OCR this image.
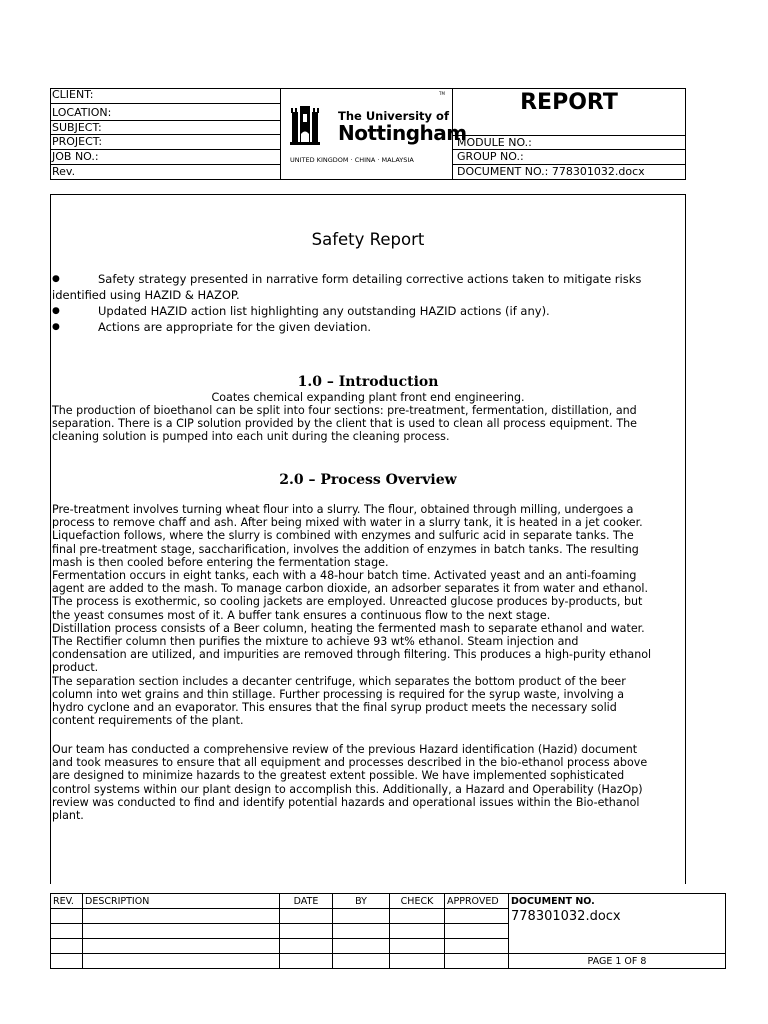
CLIENT:
LOCATION:
SUBJECT:
PROJECT:
JOB NO.:
Rev.
REPORT
MODULE NO.:
GROUP NO.:
DOCUMENT NO.: 778301032.docx
The University of
Nottingham
TM
UNITED KINGDOM · CHINA · MALAYSIA
Safety Report
●	Safety strategy presented in narrative form detailing corrective actions taken to mitigate risks identified using HAZID & HAZOP.
●	Updated HAZID action list highlighting any outstanding HAZID actions (if any).
●	Actions are appropriate for the given deviation.
1.0 – Introduction
Coates chemical expanding plant front end engineering.
The production of bioethanol can be split into four sections: pre-treatment, fermentation, distillation, and
separation. There is a CIP solution provided by the client that is used to clean all process equipment. The
cleaning solution is pumped into each unit during the cleaning process.
2.0 – Process Overview
Pre-treatment involves turning wheat flour into a slurry. The flour, obtained through milling, undergoes a
process to remove chaff and ash. After being mixed with water in a slurry tank, it is heated in a jet cooker.
Liquefaction follows, where the slurry is combined with enzymes and sulfuric acid in separate tanks. The
final pre-treatment stage, saccharification, involves the addition of enzymes in batch tanks. The resulting
mash is then cooled before entering the fermentation stage.
Fermentation occurs in eight tanks, each with a 48-hour batch time. Activated yeast and an anti-foaming
agent are added to the mash. To manage carbon dioxide, an adsorber separates it from water and ethanol.
The process is exothermic, so cooling jackets are employed. Unreacted glucose produces by-products, but
the yeast consumes most of it. A buffer tank ensures a continuous flow to the next stage.
Distillation process consists of a Beer column, heating the fermented mash to separate ethanol and water.
The Rectifier column then purifies the mixture to achieve 93 wt% ethanol. Steam injection and
condensation are utilized, and impurities are removed through filtering. This produces a high-purity ethanol
product.
The separation section includes a decanter centrifuge, which separates the bottom product of the beer
column into wet grains and thin stillage. Further processing is required for the syrup waste, involving a
hydro cyclone and an evaporator. This ensures that the final syrup product meets the necessary solid
content requirements of the plant.
Our team has conducted a comprehensive review of the previous Hazard identification (Hazid) document
and took measures to ensure that all equipment and processes described in the bio-ethanol process above
are designed to minimize hazards to the greatest extent possible. We have implemented sophisticated
control systems within our plant design to accomplish this. Additionally, a Hazard and Operability (HazOp)
review was conducted to find and identify potential hazards and operational issues within the Bio-ethanol
plant.
REV.	DESCRIPTION	DATE	BY	CHECK	APPROVED	DOCUMENT NO.
						778301032.docx

						PAGE 1 OF 8
